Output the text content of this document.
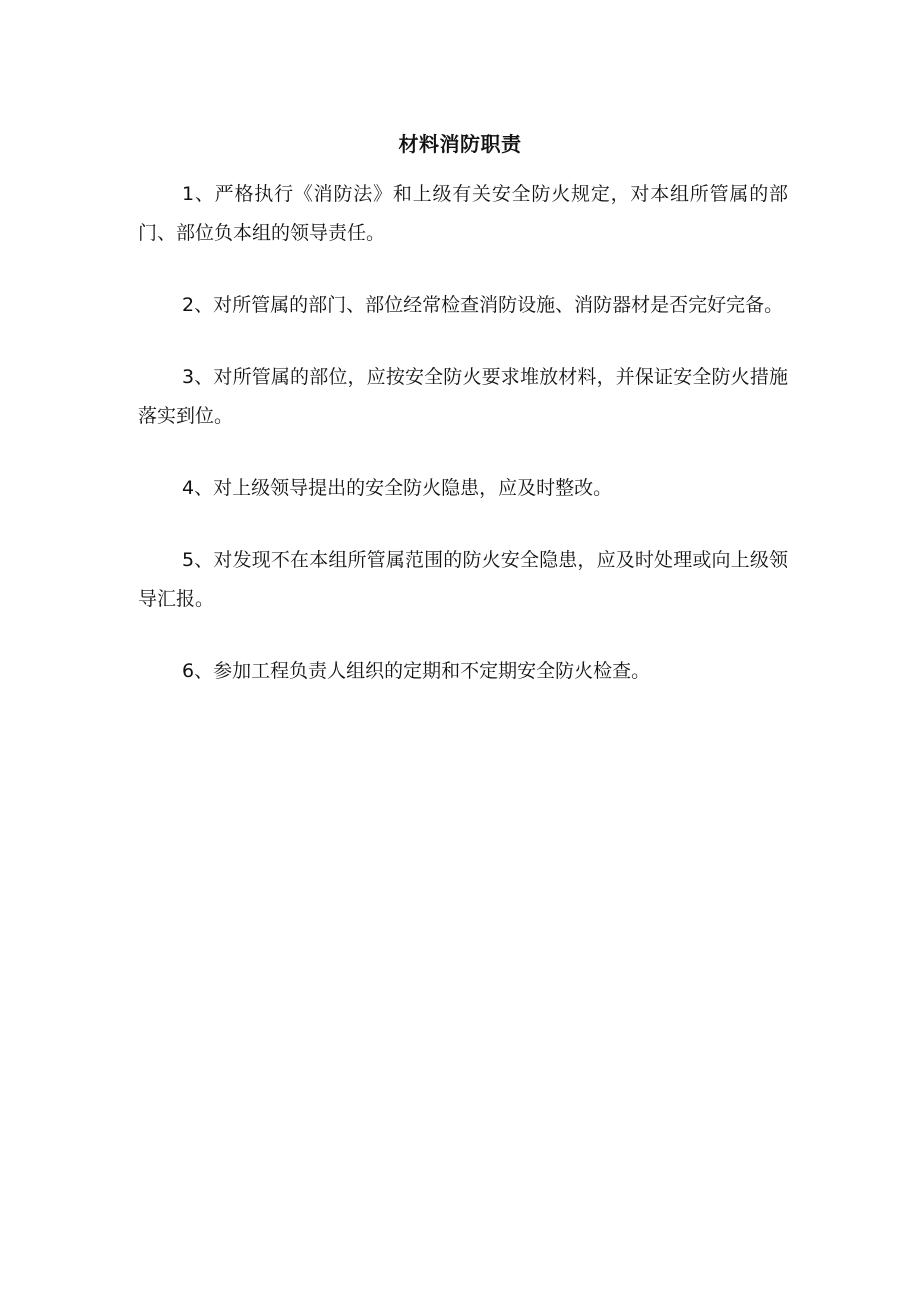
材料消防职责

1、严格执行《消防法》和上级有关安全防火规定，对本组所管属的部门、部位负本组的领导责任。

2、对所管属的部门、部位经常检查消防设施、消防器材是否完好完备。

3、对所管属的部位，应按安全防火要求堆放材料，并保证安全防火措施落实到位。

4、对上级领导提出的安全防火隐患，应及时整改。

5、对发现不在本组所管属范围的防火安全隐患，应及时处理或向上级领导汇报。

6、参加工程负责人组织的定期和不定期安全防火检查。
